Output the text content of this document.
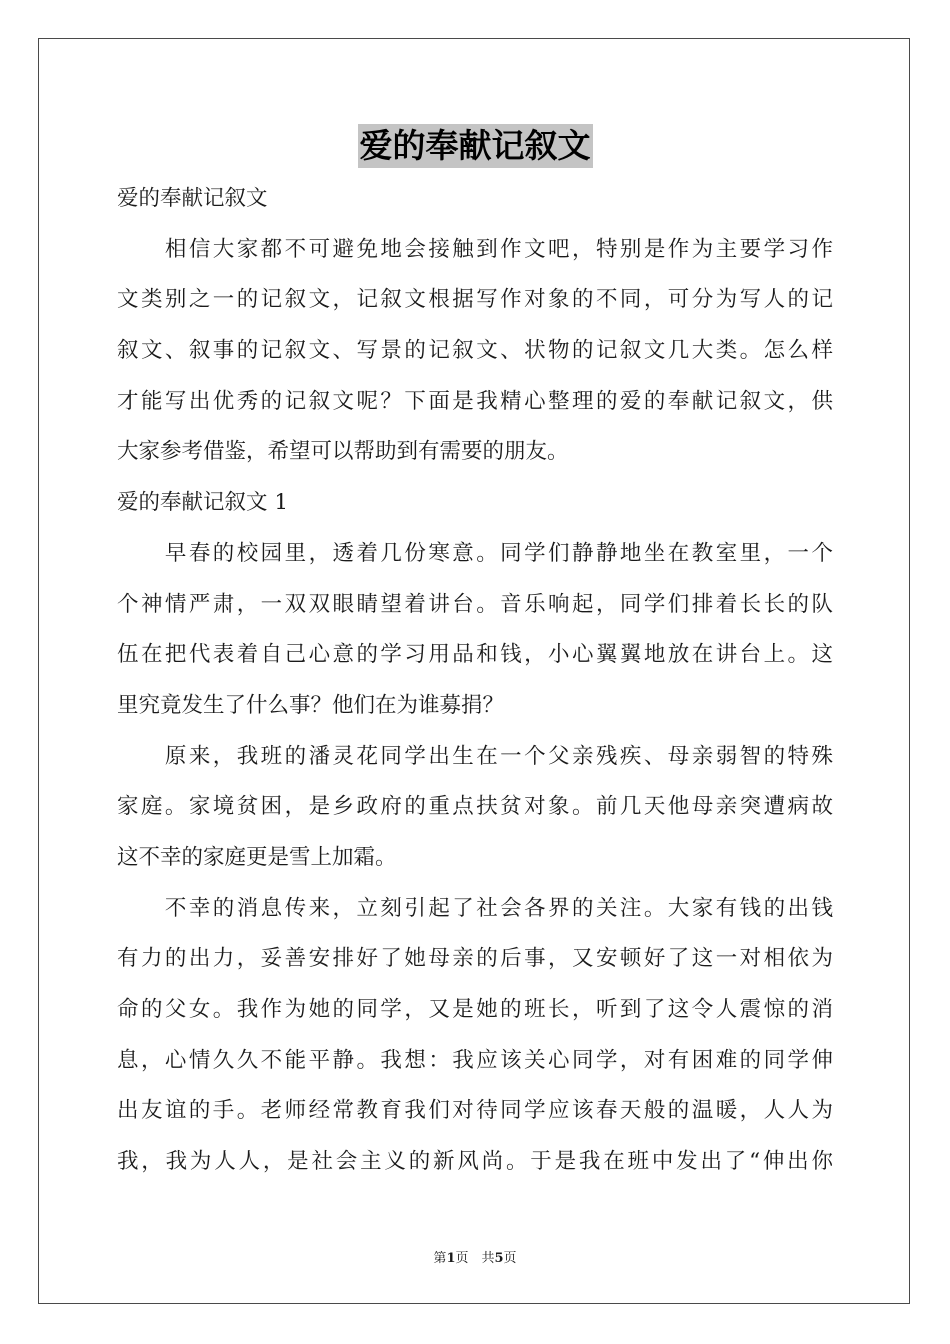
爱的奉献记叙文
爱的奉献记叙文
　　相信大家都不可避免地会接触到作文吧，特别是作为主要学习作
文类别之一的记叙文，记叙文根据写作对象的不同，可分为写人的记
叙文、叙事的记叙文、写景的记叙文、状物的记叙文几大类。怎么样
才能写出优秀的记叙文呢？下面是我精心整理的爱的奉献记叙文，供
大家参考借鉴，希望可以帮助到有需要的朋友。
爱的奉献记叙文 1
　　早春的校园里，透着几份寒意。同学们静静地坐在教室里，一个
个神情严肃，一双双眼睛望着讲台。音乐响起，同学们排着长长的队
伍在把代表着自己心意的学习用品和钱，小心翼翼地放在讲台上。这
里究竟发生了什么事？他们在为谁募捐？
　　原来，我班的潘灵花同学出生在一个父亲残疾、母亲弱智的特殊
家庭。家境贫困，是乡政府的重点扶贫对象。前几天他母亲突遭病故
这不幸的家庭更是雪上加霜。
　　不幸的消息传来，立刻引起了社会各界的关注。大家有钱的出钱
有力的出力，妥善安排好了她母亲的后事，又安顿好了这一对相依为
命的父女。我作为她的同学，又是她的班长，听到了这令人震惊的消
息，心情久久不能平静。我想：我应该关心同学，对有困难的同学伸
出友谊的手。老师经常教育我们对待同学应该春天般的温暖，人人为
我，我为人人，是社会主义的新风尚。于是我在班中发出了“伸出你
第1页　共5页
